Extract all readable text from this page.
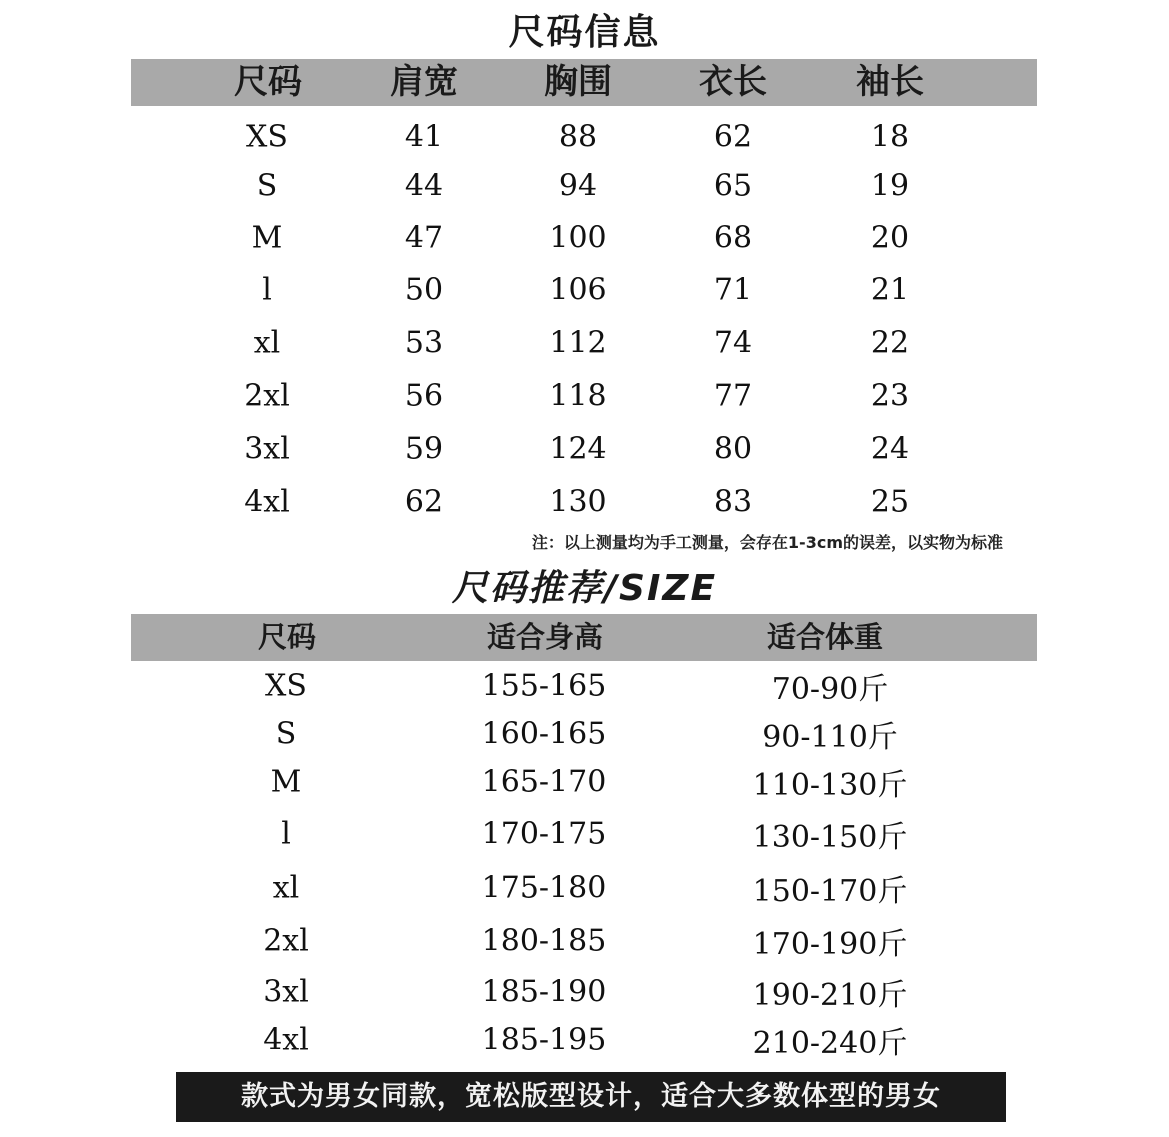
尺码信息
尺码	肩宽	胸围	衣长	袖长
XS	41	88	62	18
S	44	94	65	19
M	47	100	68	20
l	50	106	71	21
xl	53	112	74	22
2xl	56	118	77	23
3xl	59	124	80	24
4xl	62	130	83	25
注：以上测量均为手工测量，会存在1-3cm的误差，以实物为标准
尺码推荐/SIZE
尺码	适合身高	适合体重
XS	155-165	70-90斤
S	160-165	90-110斤
M	165-170	110-130斤
l	170-175	130-150斤
xl	175-180	150-170斤
2xl	180-185	170-190斤
3xl	185-190	190-210斤
4xl	185-195	210-240斤
款式为男女同款，宽松版型设计，适合大多数体型的男女
